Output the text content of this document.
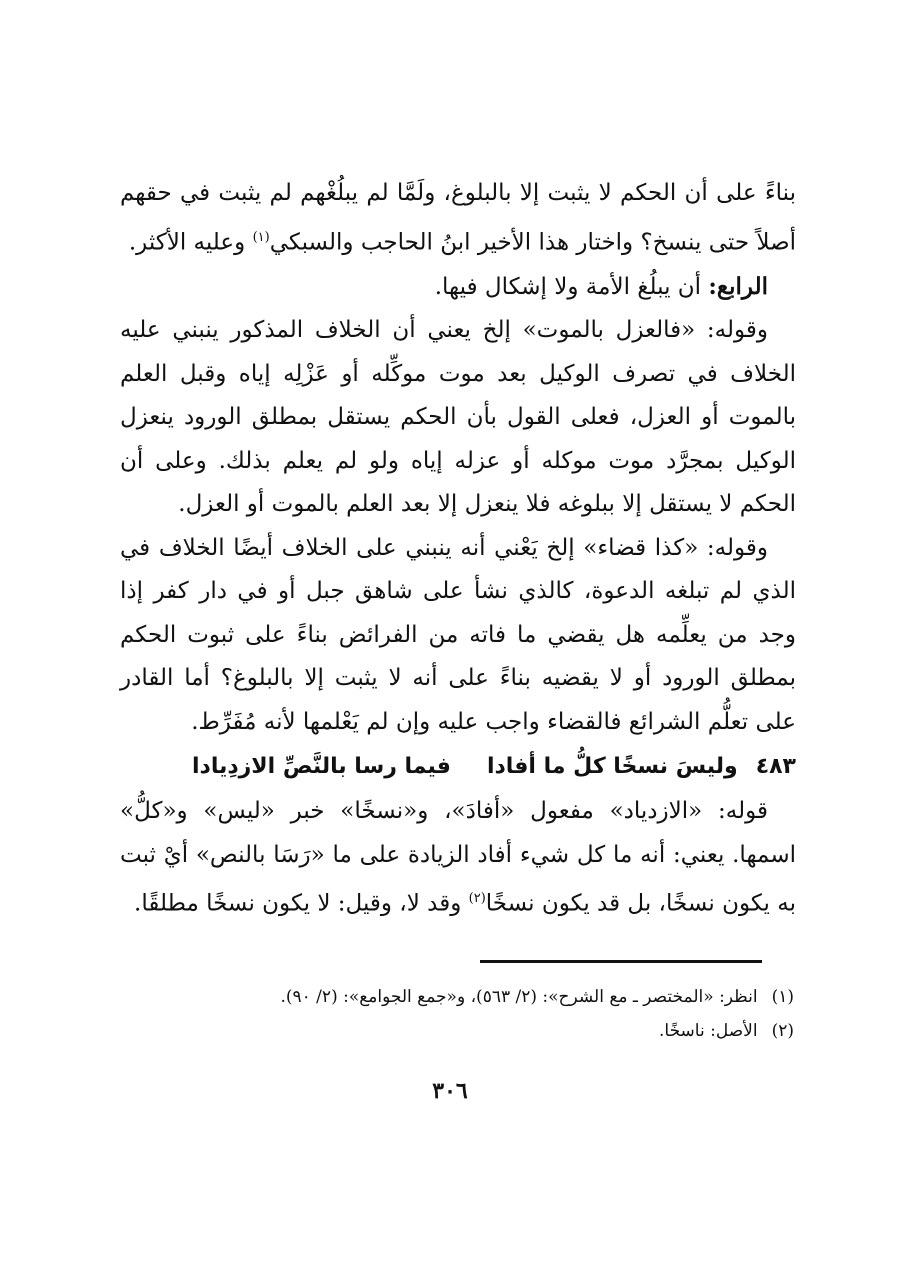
بناءً على أن الحكم لا يثبت إلا بالبلوغ، ولَمَّا لم يبلُغْهم لم يثبت في حقهم أصلاً حتى ينسخ؟ واختار هذا الأخير ابنُ الحاجب والسبكي$^{(١)}$ وعليه الأكثر.

الرابع: أن يبلُغ الأمة ولا إشكال فيها.

وقوله: «فالعزل بالموت» إلخ يعني أن الخلاف المذكور ينبني عليه الخلاف في تصرف الوكيل بعد موت موكِّله أو عَزْلِه إياه وقبل العلم بالموت أو العزل، فعلى القول بأن الحكم يستقل بمطلق الورود ينعزل الوكيل بمجرَّد موت موكله أو عزله إياه ولو لم يعلم بذلك. وعلى أن الحكم لا يستقل إلا ببلوغه فلا ينعزل إلا بعد العلم بالموت أو العزل.

وقوله: «كذا قضاء» إلخ يَعْني أنه ينبني على الخلاف أيضًا الخلاف في الذي لم تبلغه الدعوة، كالذي نشأ على شاهق جبل أو في دار كفر إذا وجد من يعلِّمه هل يقضي ما فاته من الفرائض بناءً على ثبوت الحكم بمطلق الورود أو لا يقضيه بناءً على أنه لا يثبت إلا بالبلوغ؟ أما القادر على تعلُّم الشرائع فالقضاء واجب عليه وإن لم يَعْلمها لأنه مُفَرِّط.

٤٨٣
وليسَ نسخًا كلُّ ما أفادا
فيما رسا بالنَّصِّ الازدِيادا

قوله: «الازدياد» مفعول «أفادَ»، و«نسخًا» خبر «ليس» و«كلُّ» اسمها. يعني: أنه ما كل شيء أفاد الزيادة على ما «رَسَا بالنص» أيْ ثبت به يكون نسخًا، بل قد يكون نسخًا$^{(٢)}$ وقد لا، وقيل: لا يكون نسخًا مطلقًا.

(١)انظر: «المختصر ـ مع الشرح»: (٢/ ٥٦٣)، و«جمع الجوامع»: (٢/ ٩٠).
(٢)الأصل: ناسخًا.
٣٠٦
